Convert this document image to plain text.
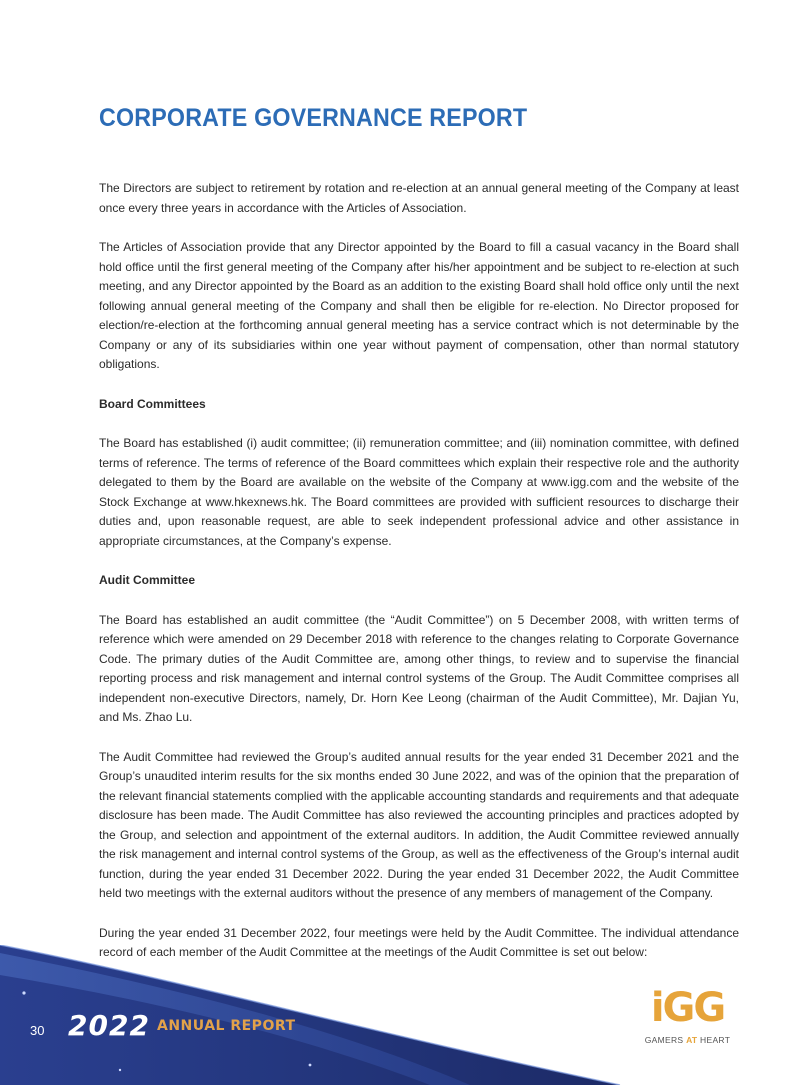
CORPORATE GOVERNANCE REPORT

The Directors are subject to retirement by rotation and re-election at an annual general meeting of the Company at least once every three years in accordance with the Articles of Association.

The Articles of Association provide that any Director appointed by the Board to fill a casual vacancy in the Board shall hold office until the first general meeting of the Company after his/her appointment and be subject to re-election at such meeting, and any Director appointed by the Board as an addition to the existing Board shall hold office only until the next following annual general meeting of the Company and shall then be eligible for re-election. No Director proposed for election/re-election at the forthcoming annual general meeting has a service contract which is not determinable by the Company or any of its subsidiaries within one year without payment of compensation, other than normal statutory obligations.

Board Committees

The Board has established (i) audit committee; (ii) remuneration committee; and (iii) nomination committee, with defined terms of reference. The terms of reference of the Board committees which explain their respective role and the authority delegated to them by the Board are available on the website of the Company at www.igg.com and the website of the Stock Exchange at www.hkexnews.hk. The Board committees are provided with sufficient resources to discharge their duties and, upon reasonable request, are able to seek independent professional advice and other assistance in appropriate circumstances, at the Company’s expense.

Audit Committee

The Board has established an audit committee (the “Audit Committee”) on 5 December 2008, with written terms of reference which were amended on 29 December 2018 with reference to the changes relating to Corporate Governance Code. The primary duties of the Audit Committee are, among other things, to review and to supervise the financial reporting process and risk management and internal control systems of the Group. The Audit Committee comprises all independent non-executive Directors, namely, Dr. Horn Kee Leong (chairman of the Audit Committee), Mr. Dajian Yu, and Ms. Zhao Lu.

The Audit Committee had reviewed the Group’s audited annual results for the year ended 31 December 2021 and the Group’s unaudited interim results for the six months ended 30 June 2022, and was of the opinion that the preparation of the relevant financial statements complied with the applicable accounting standards and requirements and that adequate disclosure has been made. The Audit Committee has also reviewed the accounting principles and practices adopted by the Group, and selection and appointment of the external auditors. In addition, the Audit Committee reviewed annually the risk management and internal control systems of the Group, as well as the effectiveness of the Group’s internal audit function, during the year ended 31 December 2022. During the year ended 31 December 2022, the Audit Committee held two meetings with the external auditors without the presence of any members of management of the Company.

During the year ended 31 December 2022, four meetings were held by the Audit Committee. The individual attendance record of each member of the Audit Committee at the meetings of the Audit Committee is set out below:

30 2022 ANNUAL REPORT	iGG
GAMERS AT HEART
